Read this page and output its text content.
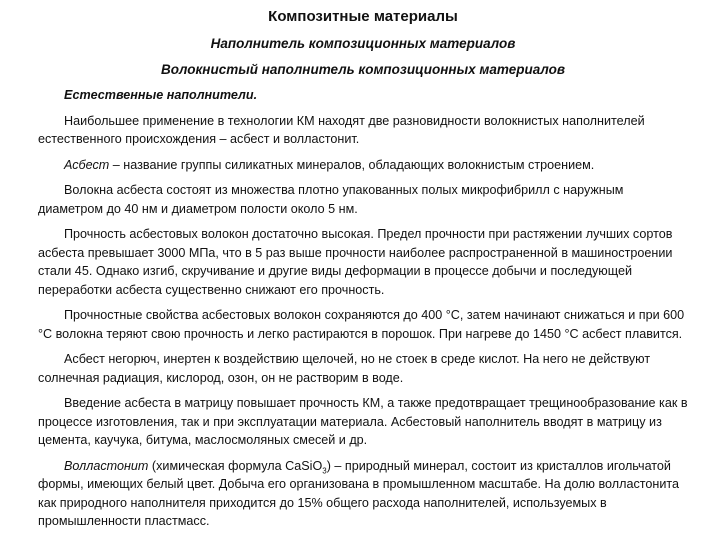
Композитные материалы
Наполнитель композиционных материалов
Волокнистый наполнитель композиционных материалов

Естественные наполнители.

Наибольшее применение в технологии КМ находят две разновидности волокнистых наполнителей естественного происхождения – асбест и волластонит.

Асбест – название группы силикатных минералов, обладающих волокнистым строением.

Волокна асбеста состоят из множества плотно упакованных полых микрофибрилл с наружным диаметром до 40 нм и диаметром полости около 5 нм.

Прочность асбестовых волокон достаточно высокая. Предел прочности при растяжении лучших сортов асбеста превышает 3000 МПа, что в 5 раз выше прочности наиболее распространенной в машиностроении стали 45. Однако изгиб, скручивание и другие виды деформации в процессе добычи и последующей переработки асбеста существенно снижают его прочность.

Прочностные свойства асбестовых волокон сохраняются до 400 °С, затем начинают снижаться и при 600 °С волокна теряют свою прочность и легко растираются в порошок. При нагреве до 1450 °С асбест плавится.

Асбест негорюч, инертен к воздействию щелочей, но не стоек в среде кислот. На него не действуют солнечная радиация, кислород, озон, он не растворим в воде.

Введение асбеста в матрицу повышает прочность КМ, а также предотвращает трещинообразование как в процессе изготовления, так и при эксплуатации материала. Асбестовый наполнитель вводят в матрицу из цемента, каучука, битума, маслосмоляных смесей и др.

Волластонит (химическая формула CaSiO$_3$) – природный минерал, состоит из кристаллов игольчатой формы, имеющих белый цвет. Добыча его организована в промышленном масштабе. На долю волластонита как природного наполнителя приходится до 15% общего расхода наполнителей, используемых в промышленности пластмасс.
